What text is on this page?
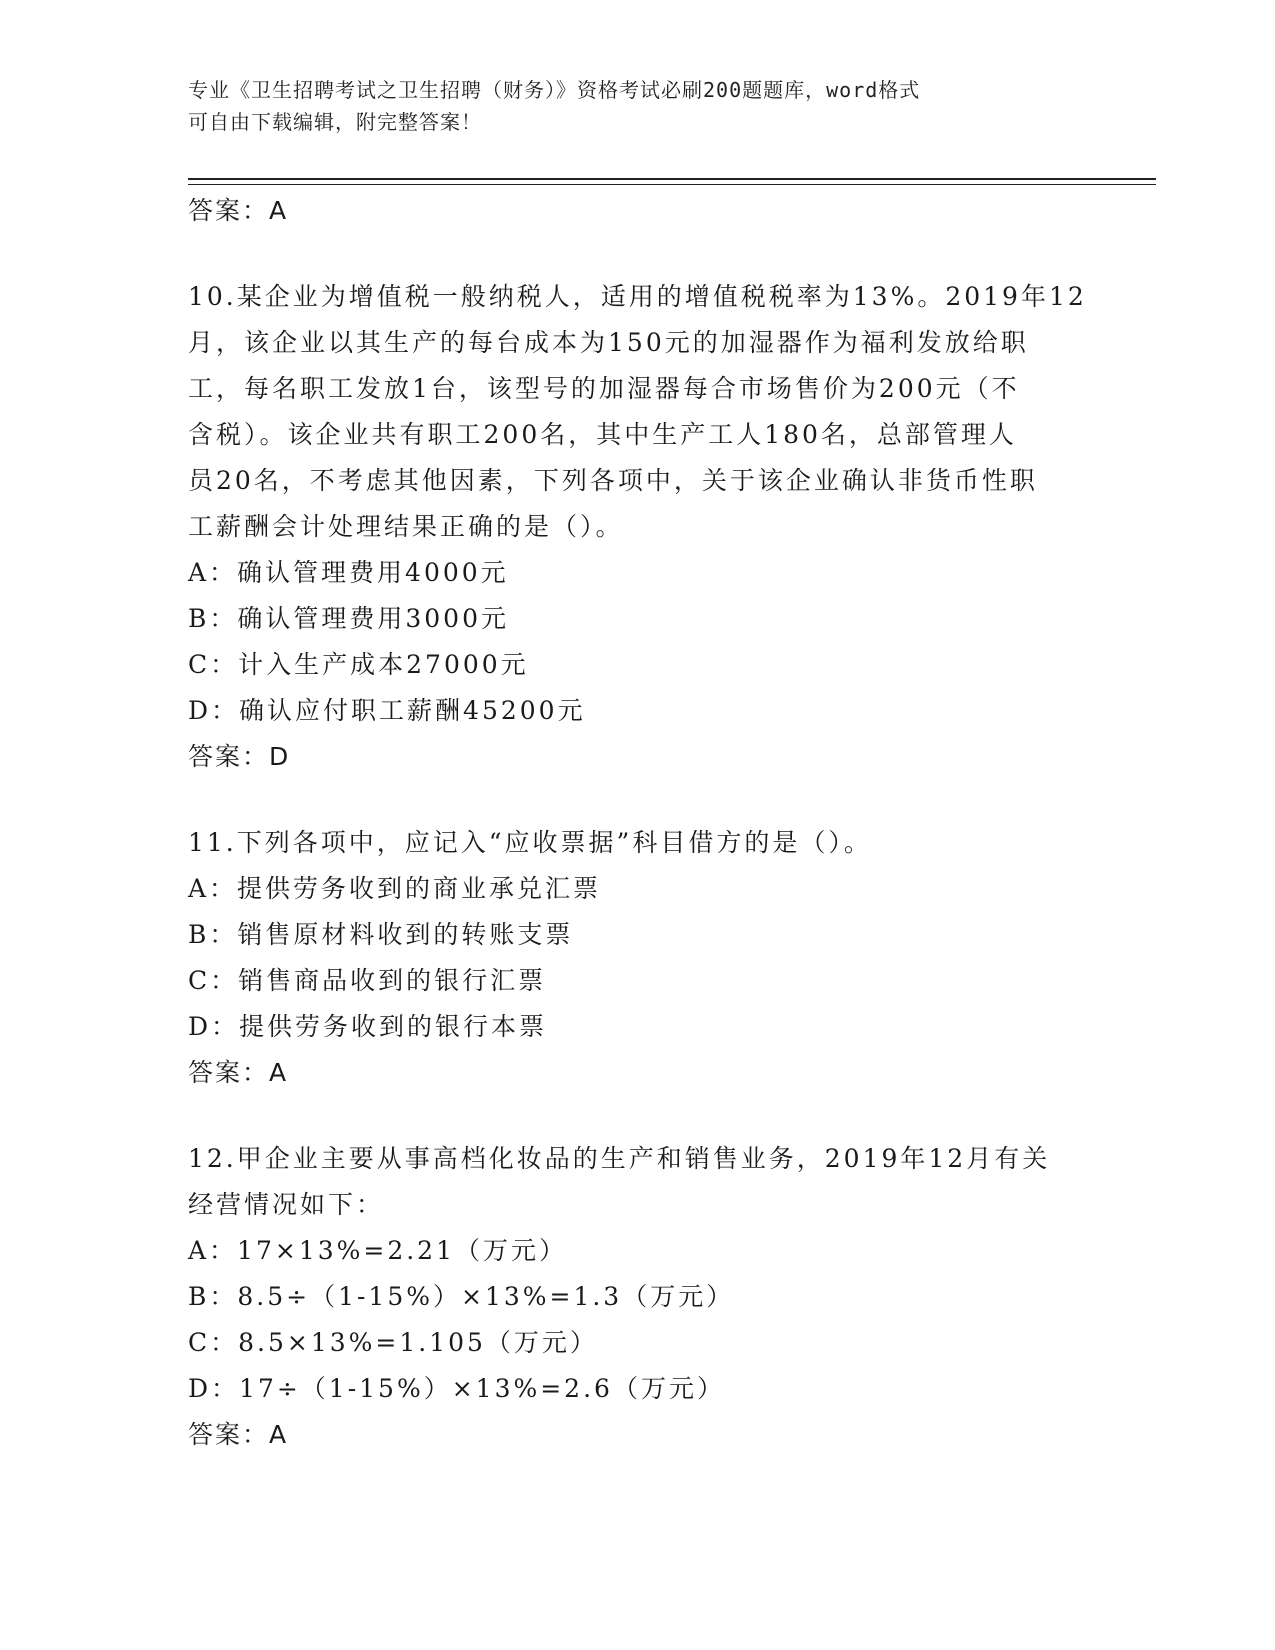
专业《卫生招聘考试之卫生招聘（财务）》资格考试必刷200题题库，word格式
可自由下载编辑，附完整答案！
答案：A
10.某企业为增值税一般纳税人，适用的增值税税率为13%。2019年12
月，该企业以其生产的每台成本为150元的加湿器作为福利发放给职
工，每名职工发放1台，该型号的加湿器每合市场售价为200元（不
含税）。该企业共有职工200名，其中生产工人180名，总部管理人
员20名，不考虑其他因素，下列各项中，关于该企业确认非货币性职
工薪酬会计处理结果正确的是（）。
A：确认管理费用4000元
B：确认管理费用3000元
C：计入生产成本27000元
D：确认应付职工薪酬45200元
答案：D
11.下列各项中，应记入“应收票据”科目借方的是（）。
A：提供劳务收到的商业承兑汇票
B：销售原材料收到的转账支票
C：销售商品收到的银行汇票
D：提供劳务收到的银行本票
答案：A
12.甲企业主要从事高档化妆品的生产和销售业务，2019年12月有关
经营情况如下：
A：17×13%=2.21（万元）
B：8.5÷（1-15%）×13%=1.3（万元）
C：8.5×13%=1.105（万元）
D：17÷（1-15%）×13%=2.6（万元）
答案：A
